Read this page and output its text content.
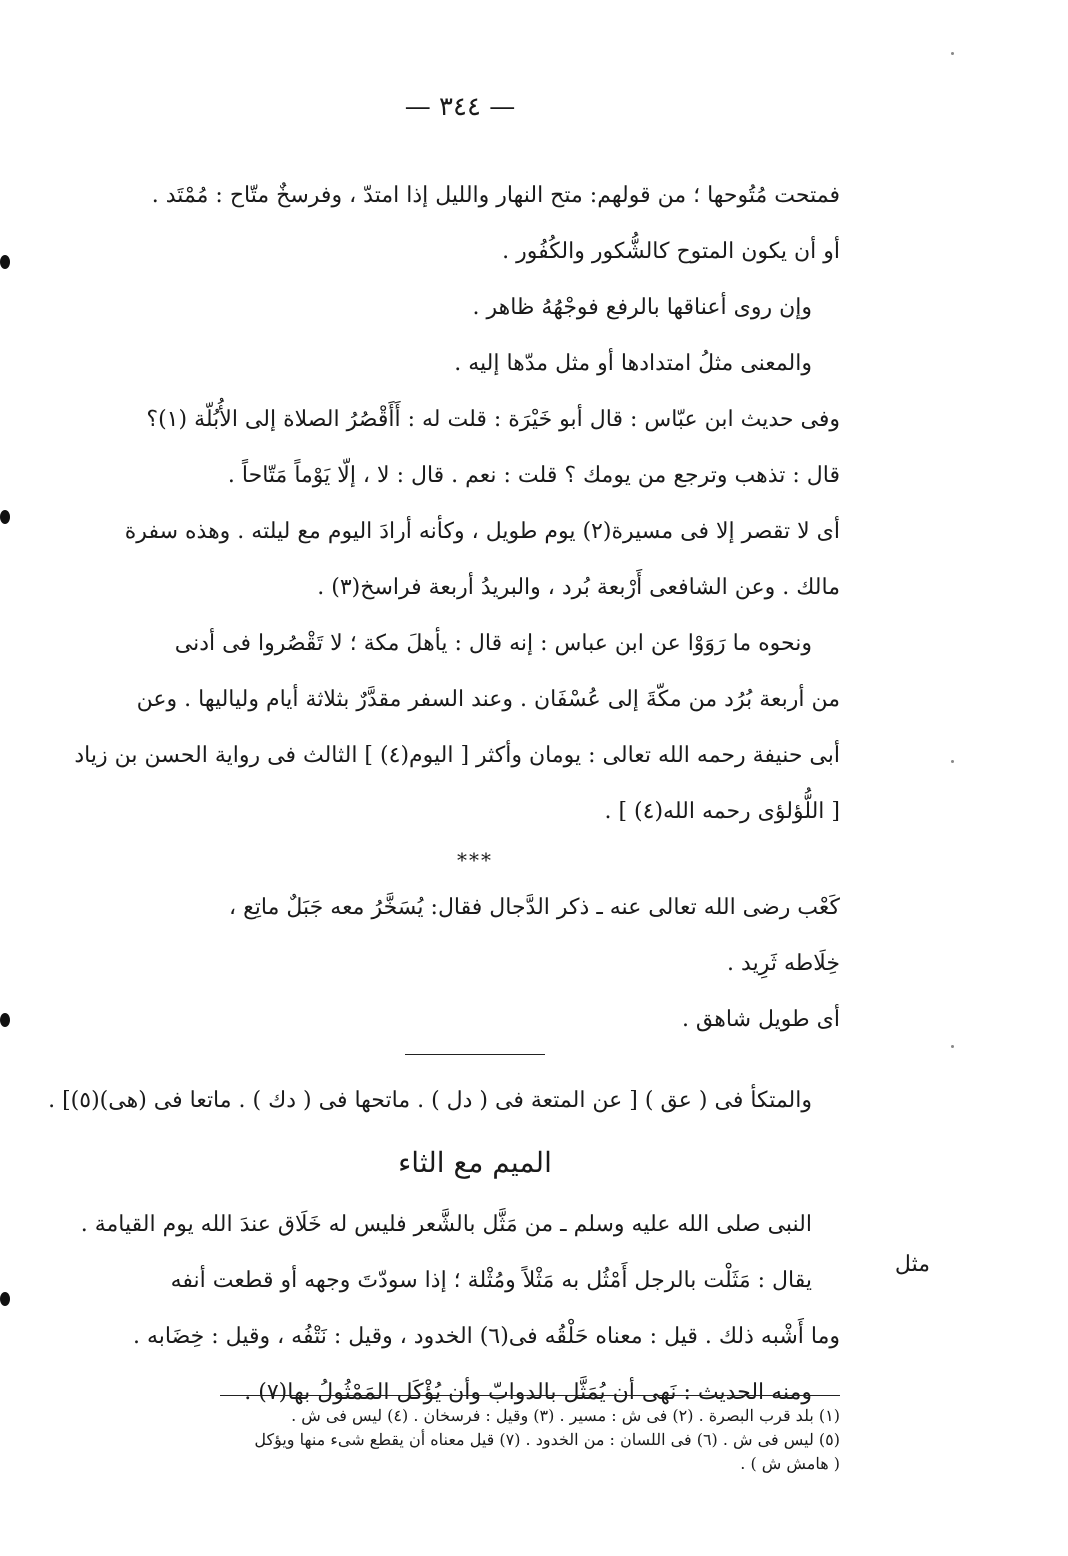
— ٣٤٤ —

فمتحت مُتُوحها ؛ من قولهم: متح النهار والليل إذا امتدّ ، وفرسخٌ متّاح : مُمْتَد .

أو أن يكون المتوح كالشُّكور والكُفُور .

وإن روى أعناقها بالرفع فوجْهُهُ ظاهر .

والمعنى مثلُ امتدادها أو مثل مدّها إليه .

وفى حديث ابن عبّاس : قال أبو خَيْرَة : قلت له : أَأَقْصُرُ الصلاة إلى الأُبُلّة (١)؟

قال : تذهب وترجع من يومك ؟ قلت : نعم . قال : لا ، إلّا يَوْماً مَتّاحاً .

أى لا تقصر إلا فى مسيرة(٢) يوم طويل ، وكأنه أرادَ اليوم مع ليلته . وهذه سفرة

مالك . وعن الشافعى أَرْبعة بُرد ، والبريدُ أربعة فراسخ(٣) .

ونحوه ما رَوَوْا عن ابن عباس : إنه قال : يأهلَ مكة ؛ لا تَقْصُروا فى أدنى

من أربعة بُرُد من مكّةَ إلى عُسْفَان . وعند السفر مقدَّرٌ بثلاثة أيام ولياليها . وعن

أبى حنيفة رحمه الله تعالى : يومان وأكثر [ اليوم(٤) ] الثالث فى رواية الحسن بن زياد

[ اللُّؤلؤى رحمه الله(٤) ] .

***

كَعْب رضى الله تعالى عنه ـ ذكر الدَّجال فقال: يُسَخَّرُ معه جَبَلٌ ماتِع ،

خِلَاطه ثَرِيد .

أى طويل شاهق .

والمتكأ فى ( عق ) [ عن المتعة فى ( دل ) . ماتحها فى ( دك ) . ماتعا فى (هى)(٥)] .

الميم مع الثاء

النبى صلى الله عليه وسلم ـ من مَثَّل بالشَّعر فليس له خَلَاق عندَ الله يوم القيامة .

يقال : مَثَلْت بالرجل أَمْثُل به مَثْلاً ومُثْلة ؛ إذا سودّتَ وجهه أو قطعت أنفه

وما أَشْبه ذلك . قيل : معناه حَلْقُه فى(٦) الخدود ، وقيل : نَتْفُه ، وقيل : خِضَابه .

ومنه الحديث : نَهى أن يُمَثَّل بالدوابّ وأن يُؤْكَل المَمْثُولُ بها(٧) .

مثل
(١) بلد قرب البصرة . (٢) فى ش : مسير . (٣) وقيل : فرسخان . (٤) ليس فى ش .
(٥) ليس فى ش . (٦) فى اللسان : من الخدود . (٧) قيل معناه أن يقطع شىء منها ويؤكل
( هامش ش ) .
